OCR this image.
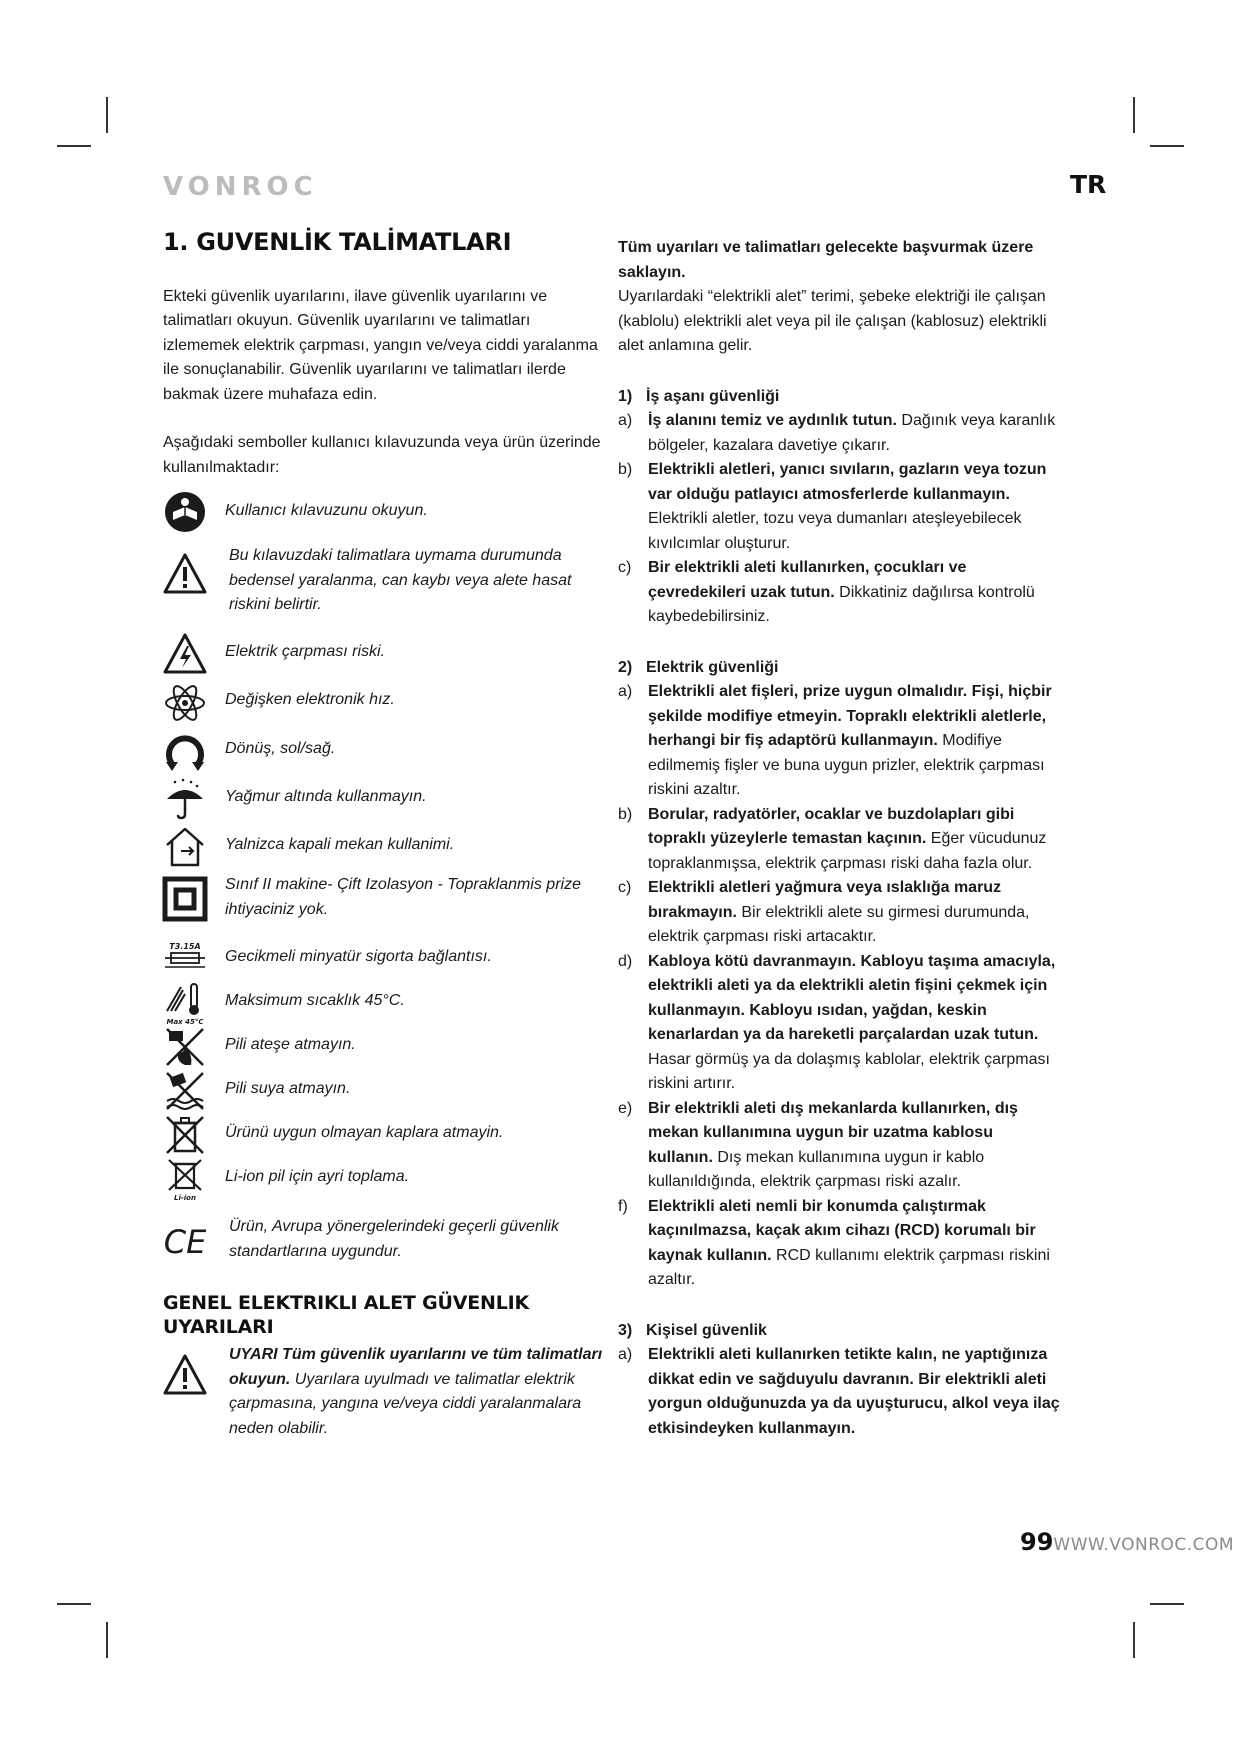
VONROC	TR
1. GUVENLİK TALİMATLARI

Ekteki güvenlik uyarılarını, ilave güvenlik uyarılarını ve talimatları okuyun. Güvenlik uyarılarını ve talimatları izlememek elektrik çarpması, yangın ve/veya ciddi yaralanma ile sonuçlanabilir. Güvenlik uyarılarını ve talimatları ilerde bakmak üzere muhafaza edin.

Aşağıdaki semboller kullanıcı kılavuzunda veya ürün üzerinde kullanılmaktadır:

Kullanıcı kılavuzunu okuyun.

Bu kılavuzdaki talimatlara uymama durumunda bedensel yaralanma, can kaybı veya alete hasat riskini belirtir.

Elektrik çarpması riski.

Değişken elektronik hız.

Dönüş, sol/sağ.

Yağmur altında kullanmayın.

Yalnizca kapali mekan kullanimi.

Sınıf II makine- Çift Izolasyon - Topraklanmis prize ihtiyaciniz yok.

T3.15A

Gecikmeli minyatür sigorta bağlantısı.

Max 45°C

Maksimum sıcaklık 45°C.

Pili ateşe atmayın.

Pili suya atmayın.

Ürünü uygun olmayan kaplara atmayin.

Li-ion

Li-ion pil için ayri toplama.

CE Ürün, Avrupa yönergelerindeki geçerli güvenlik standartlarına uygundur.

GENEL ELEKTRIKLI ALET GÜVENLIK UYARILARI

UYARI Tüm güvenlik uyarılarını ve tüm talimatları okuyun. Uyarılara uyulmadı ve talimatlar elektrik çarpmasına, yangına ve/veya ciddi yaralanmalara neden olabilir.

Tüm uyarıları ve talimatları gelecekte başvurmak üzere saklayın.

Uyarılardaki “elektrikli alet” terimi, şebeke elektriği ile çalışan (kablolu) elektrikli alet veya pil ile çalışan (kablosuz) elektrikli alet anlamına gelir.

1) İş aşanı güvenliği

a) İş alanını temiz ve aydınlık tutun. Dağınık veya karanlık bölgeler, kazalara davetiye çıkarır.
b) Elektrikli aletleri, yanıcı sıvıların, gazların veya tozun var olduğu patlayıcı atmosferlerde kullanmayın. Elektrikli aletler, tozu veya dumanları ateşleyebilecek kıvılcımlar oluşturur.
c) Bir elektrikli aleti kullanırken, çocukları ve çevredekileri uzak tutun. Dikkatiniz dağılırsa kontrolü kaybedebilirsiniz.

2) Elektrik güvenliği

a) Elektrikli alet fişleri, prize uygun olmalıdır. Fişi, hiçbir şekilde modifiye etmeyin. Topraklı elektrikli aletlerle, herhangi bir fiş adaptörü kullanmayın. Modifiye edilmemiş fişler ve buna uygun prizler, elektrik çarpması riskini azaltır.
b) Borular, radyatörler, ocaklar ve buzdolapları gibi topraklı yüzeylerle temastan kaçının. Eğer vücudunuz topraklanmışsa, elektrik çarpması riski daha fazla olur.
c) Elektrikli aletleri yağmura veya ıslaklığa maruz bırakmayın. Bir elektrikli alete su girmesi durumunda, elektrik çarpması riski artacaktır.
d) Kabloya kötü davranmayın. Kabloyu taşıma amacıyla, elektrikli aleti ya da elektrikli aletin fişini çekmek için kullanmayın. Kabloyu ısıdan, yağdan, keskin kenarlardan ya da hareketli parçalardan uzak tutun. Hasar görmüş ya da dolaşmış kablolar, elektrik çarpması riskini artırır.
e) Bir elektrikli aleti dış mekanlarda kullanırken, dış mekan kullanımına uygun bir uzatma kablosu kullanın. Dış mekan kullanımına uygun ir kablo kullanıldığında, elektrik çarpması riski azalır.
f) Elektrikli aleti nemli bir konumda çalıştırmak kaçınılmazsa, kaçak akım cihazı (RCD) korumalı bir kaynak kullanın. RCD kullanımı elektrik çarpması riskini azaltır.

3) Kişisel güvenlik

a) Elektrikli aleti kullanırken tetikte kalın, ne yaptığınıza dikkat edin ve sağduyulu davranın. Bir elektrikli aleti yorgun olduğunuzda ya da uyuşturucu, alkol veya ilaç etkisindeyken kullanmayın.
99WWW.VONROC.COM
